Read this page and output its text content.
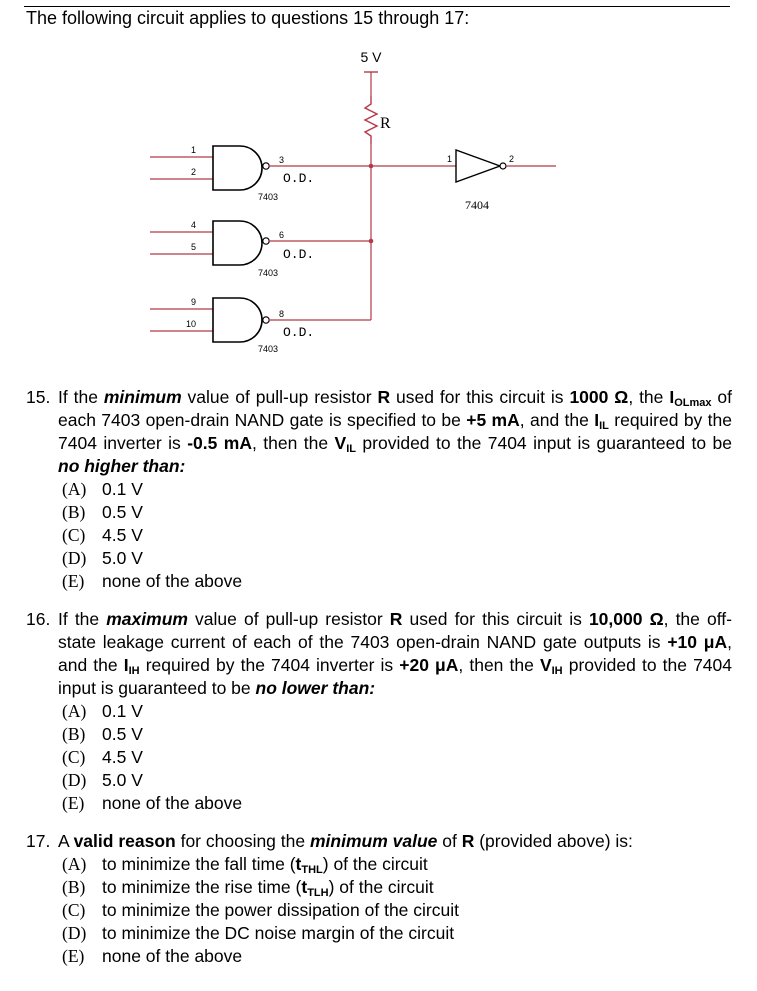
The following circuit applies to questions 15 through 17:
5 V
R
1
2
3
O.D.
7403
4
5
6
O.D.
7403
9
10
8
O.D.
7403
1	2
7404
15. If the minimum value of pull-up resistor R used for this circuit is 1000 Ω, the $I_{OLmax}$ of each 7403 open-drain NAND gate is specified to be +5 mA, and the $I_{IL}$ required by the 7404 inverter is -0.5 mA, then the $V_{IL}$ provided to the 7404 input is guaranteed to be no higher than:
(A) 0.1 V
(B) 0.5 V
(C) 4.5 V
(D) 5.0 V
(E)	none of the above
16. If the maximum value of pull-up resistor R used for this circuit is 10,000 Ω, the off-state leakage current of each of the 7403 open-drain NAND gate outputs is +10 μA, and the $I_{IH}$ required by the 7404 inverter is +20 μA, then the $V_{IH}$ provided to the 7404 input is guaranteed to be no lower than:
(A) 0.1 V
(B) 0.5 V
(C) 4.5 V
(D) 5.0 V
(E)	none of the above
17. A valid reason for choosing the minimum value of R (provided above) is:
(A) to minimize the fall time $(t_{THL})$ of the circuit
(B) to minimize the rise time $(t_{TLH})$ of the circuit
(C) to minimize the power dissipation of the circuit
(D) to minimize the DC noise margin of the circuit
(E)	none of the above
